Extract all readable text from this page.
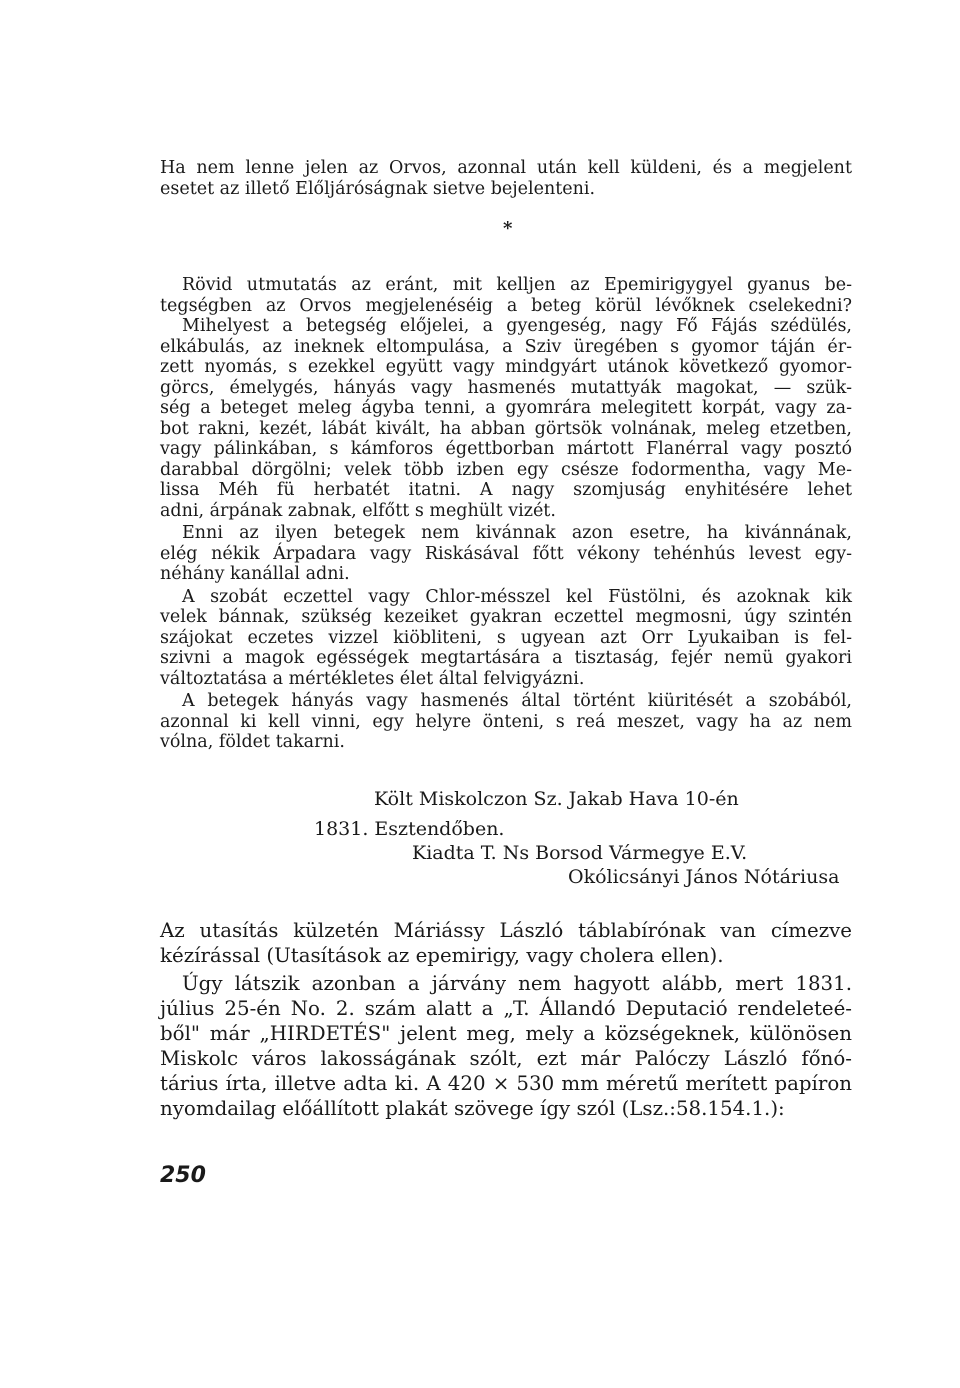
Ha nem lenne jelen az Orvos, azonnal után kell küldeni, és a megjelent
esetet az illető Előljáróságnak sietve bejelenteni.
Rövid utmutatás az eránt, mit kelljen az Epemirigygyel gyanus be-
tegségben az Orvos megjelenéséig a beteg körül lévőknek cselekedni?
Mihelyest a betegség előjelei, a gyengeség, nagy Fő Fájás szédülés,
elkábulás, az ineknek eltompulása, a Sziv üregében s gyomor táján ér-
zett nyomás, s ezekkel együtt vagy mindgyárt utánok következő gyomor-
görcs, émelygés, hányás vagy hasmenés mutattyák magokat, — szük-
ség a beteget meleg ágyba tenni, a gyomrára melegitett korpát, vagy za-
bot rakni, kezét, lábát kivált, ha abban görtsök volnának, meleg etzetben,
vagy pálinkában, s kámforos égettborban mártott Flanérral vagy posztó
darabbal dörgölni; velek több izben egy csésze fodormentha, vagy Me-
lissa Méh fü herbatét itatni. A nagy szomjuság enyhitésére lehet
adni, árpának zabnak, elfőtt s meghült vizét.
Enni az ilyen betegek nem kivánnak azon esetre, ha kivánnának,
elég nékik Árpadara vagy Riskásával főtt vékony tehénhús levest egy-
néhány kanállal adni.
A szobát eczettel vagy Chlor-mésszel kel Füstölni, és azoknak kik
velek bánnak, szükség kezeiket gyakran eczettel megmosni, úgy szintén
szájokat eczetes vizzel kiöbliteni, s ugyean azt Orr Lyukaiban is fel-
szivni a magok egésségek megtartására a tisztaság, fejér nemü gyakori
változtatása a mértékletes élet által felvigyázni.
A betegek hányás vagy hasmenés által történt kiüritését a szobából,
azonnal ki kell vinni, egy helyre önteni, s reá meszet, vagy ha az nem
vólna, földet takarni.
*
Költ Miskolczon Sz. Jakab Hava 10-én
1831. Esztendőben.
Kiadta T. Ns Borsod Vármegye E.V.
Okólicsányi János Nótáriusa
Az utasítás külzetén Máriássy László táblabírónak van címezve
kézírással (Utasítások az epemirigy, vagy cholera ellen).
Úgy látszik azonban a járvány nem hagyott alább, mert 1831.
július 25-én No. 2. szám alatt a „T. Állandó Deputació rendeleteé-
ből" már „HIRDETÉS" jelent meg, mely a községeknek, különösen
Miskolc város lakosságának szólt, ezt már Palóczy László főnó-
tárius írta, illetve adta ki. A 420 × 530 mm méretű merített papíron
nyomdailag előállított plakát szövege így szól (Lsz.:58.154.1.):
250
